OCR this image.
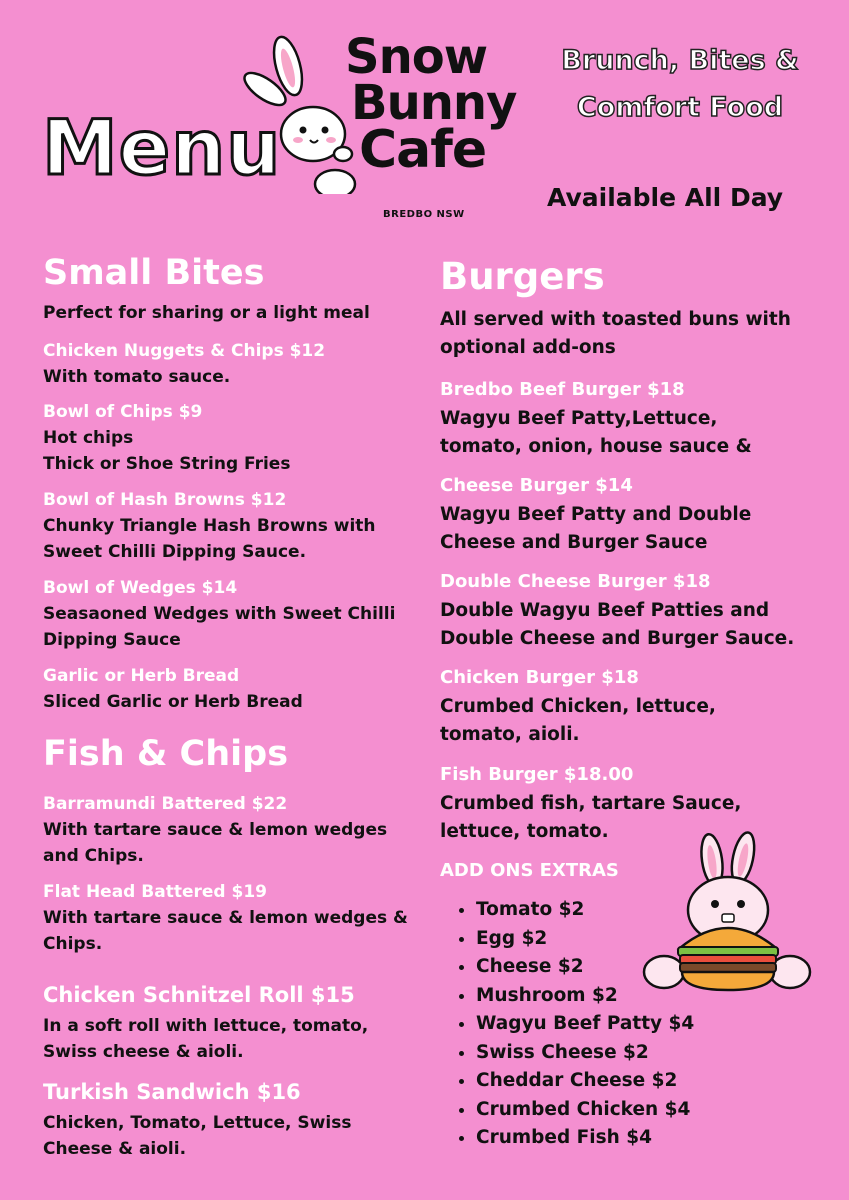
Menu
Snow
Bunny
Cafe
BREDBO NSW
Brunch, Bites &
Comfort Food
Available All Day
Small Bites
Perfect for sharing or a light meal
Chicken Nuggets & Chips $12
With tomato sauce.
Bowl of Chips $9
Hot chips
Thick or Shoe String Fries
Bowl of Hash Browns $12
Chunky Triangle Hash Browns with
Sweet Chilli Dipping Sauce.
Bowl of Wedges $14
Seasaoned Wedges with Sweet Chilli
Dipping Sauce
Garlic or Herb Bread
Sliced Garlic or Herb Bread
Fish & Chips
Barramundi Battered $22
With tartare sauce & lemon wedges
and Chips.
Flat Head Battered $19
With tartare sauce & lemon wedges &
Chips.
Chicken Schnitzel Roll $15
In a soft roll with lettuce, tomato,
Swiss cheese & aioli.
Turkish Sandwich $16
Chicken, Tomato, Lettuce, Swiss
Cheese & aioli.
Burgers
All served with toasted buns with
optional add-ons
Bredbo Beef Burger $18
Wagyu Beef Patty,Lettuce,
tomato, onion, house sauce &
Cheese Burger $14
Wagyu Beef Patty and Double
Cheese and Burger Sauce
Double Cheese Burger $18
Double Wagyu Beef Patties and
Double Cheese and Burger Sauce.
Chicken Burger $18
Crumbed Chicken, lettuce,
tomato, aioli.
Fish Burger $18.00
Crumbed fish, tartare Sauce,
lettuce, tomato.
ADD ONS EXTRAS
• Tomato $2
• Egg $2
• Cheese $2
• Mushroom $2
• Wagyu Beef Patty $4
• Swiss Cheese $2
• Cheddar Cheese $2
• Crumbed Chicken $4
• Crumbed Fish $4
